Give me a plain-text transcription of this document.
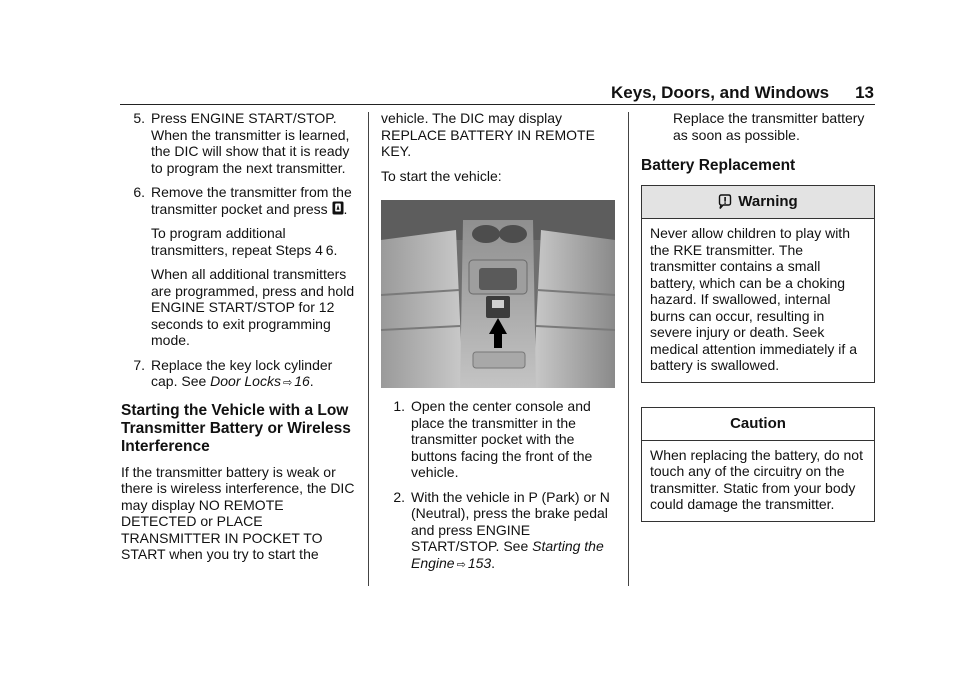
Keys, Doors, and Windows 13
5. Press ENGINE START/STOP. When the transmitter is learned, the DIC will show that it is ready to program the next transmitter.
6. Remove the transmitter from the transmitter pocket and press .

To program additional transmitters, repeat Steps 4 6.

When all additional transmitters are programmed, press and hold ENGINE START/STOP for 12 seconds to exit programming mode.

7. Replace the key lock cylinder cap. See Door Locks ⇨ 16.
Starting the Vehicle with a Low Transmitter Battery or Wireless Interference

If the transmitter battery is weak or there is wireless interference, the DIC may display NO REMOTE DETECTED or PLACE TRANSMITTER IN POCKET TO START when you try to start the

vehicle. The DIC may display REPLACE BATTERY IN REMOTE KEY.

To start the vehicle:

1. Open the center console and place the transmitter in the transmitter pocket with the buttons facing the front of the vehicle.
2. With the vehicle in P (Park) or N (Neutral), press the brake pedal and press ENGINE START/STOP. See Starting the Engine ⇨ 153.

Replace the transmitter battery as soon as possible.

Battery Replacement
Warning
Never allow children to play with the RKE transmitter. The transmitter contains a small battery, which can be a choking hazard. If swallowed, internal burns can occur, resulting in severe injury or death. Seek medical attention immediately if a battery is swallowed.
Caution
When replacing the battery, do not touch any of the circuitry on the transmitter. Static from your body could damage the transmitter.
